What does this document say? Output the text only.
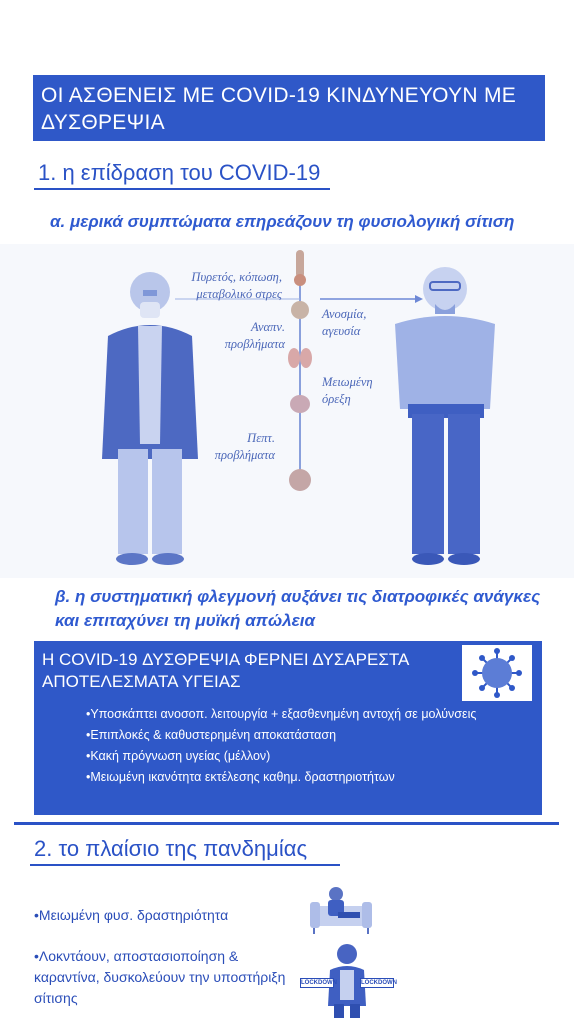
ΟΙ ΑΣΘΕΝΕΙΣ ΜΕ COVID-19 ΚΙΝΔΥΝΕΥΟΥΝ ΜΕ ΔΥΣΘΡΕΨΙΑ
1. η επίδραση του COVID-19
α. μερικά συμπτώματα επηρεάζουν τη φυσιολογική σίτιση
Πυρετός, κόπωση,
μεταβολικό στρες
Αναπν.
προβλήματα
Ανοσμία,
αγευσία
Μειωμένη
όρεξη
Πεπτ.
προβλήματα
β. η συστηματική φλεγμονή αυξάνει τις διατροφικές ανάγκες και επιταχύνει τη μυϊκή απώλεια
Η COVID-19 ΔΥΣΘΡΕΨΙΑ ΦΕΡΝΕΙ ΔΥΣΑΡΕΣΤΑ ΑΠΟΤΕΛΕΣΜΑΤΑ ΥΓΕΙΑΣ
•Υποσκάπτει ανοσοπ. λειτουργία + εξασθενημένη αντοχή σε μολύνσεις
•Επιπλοκές & καθυστερημένη αποκατάσταση
•Κακή πρόγνωση υγείας (μέλλον)
•Μειωμένη ικανότητα εκτέλεσης καθημ. δραστηριοτήτων
2. το πλαίσιο της πανδημίας
•Μειωμένη φυσ. δραστηριότητα
•Λοκντάουν, αποστασιοποίηση & καραντίνα, δυσκολεύουν την υποστήριξη σίτισης
LOCKDOWN	LOCKDOWN
